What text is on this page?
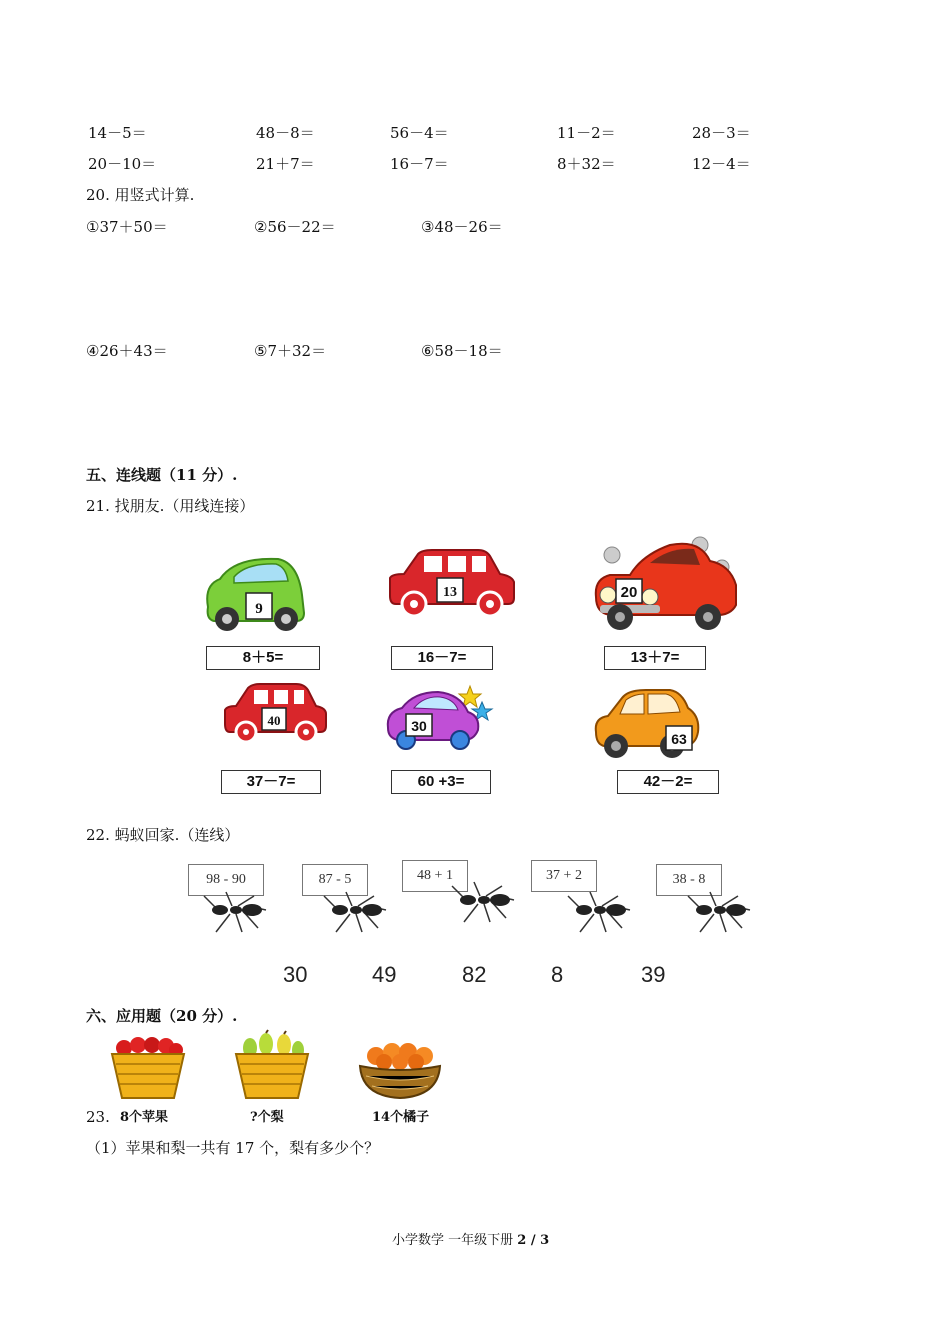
14－5＝	48－8＝	56－4＝	11－2＝	28－3＝
20－10＝	21＋7＝	16－7＝	8＋32＝	12－4＝
20. 用竖式计算.
①37＋50＝	②56－22＝	③48－26＝
④26＋43＝	⑤7＋32＝	⑥58－18＝
五、连线题（11 分）.
21. 找朋友.（用线连接）
9
8＋5=
13
16－7=
20
13＋7=
40
37－7=
30
60 +3=
63
42－2=
22. 蚂蚁回家.（连线）
98 - 90	87 - 5	48 + 1	37 + 2	38 - 8
30	49	82	8	39
六、应用题（20 分）.
23. 8个苹果	?个梨	14个橘子
（1）苹果和梨一共有 17 个，梨有多少个？
小学数学 一年级下册 2 / 3
